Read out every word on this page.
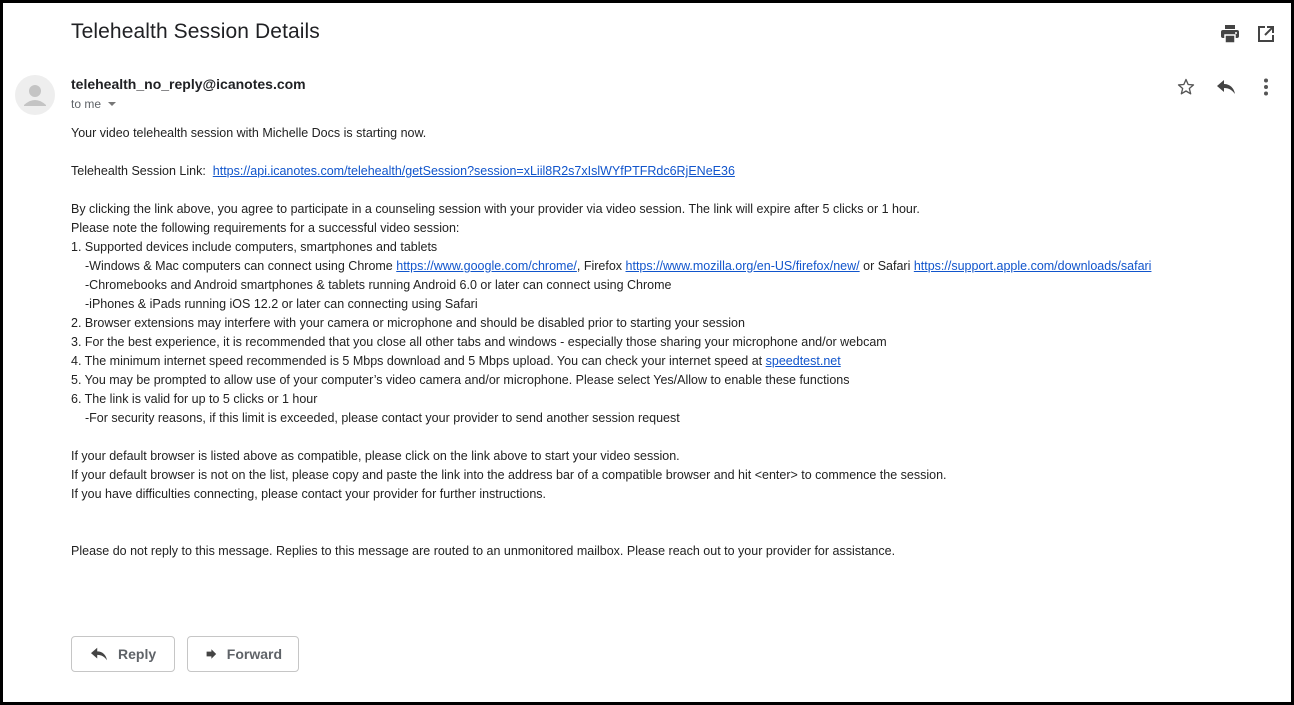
Telehealth Session Details
telehealth_no_reply@icanotes.com
to me
Your video telehealth session with Michelle Docs is starting now.
Telehealth Session Link: https://api.icanotes.com/telehealth/getSession?session=xLiil8R2s7xIslWYfPTFRdc6RjENeE36
By clicking the link above, you agree to participate in a counseling session with your provider via video session. The link will expire after 5 clicks or 1 hour.
Please note the following requirements for a successful video session:
1. Supported devices include computers, smartphones and tablets
-Windows & Mac computers can connect using Chrome https://www.google.com/chrome/, Firefox https://www.mozilla.org/en-US/firefox/new/ or Safari https://support.apple.com/downloads/safari
-Chromebooks and Android smartphones & tablets running Android 6.0 or later can connect using Chrome
-iPhones & iPads running iOS 12.2 or later can connecting using Safari
2. Browser extensions may interfere with your camera or microphone and should be disabled prior to starting your session
3. For the best experience, it is recommended that you close all other tabs and windows - especially those sharing your microphone and/or webcam
4. The minimum internet speed recommended is 5 Mbps download and 5 Mbps upload. You can check your internet speed at speedtest.net
5. You may be prompted to allow use of your computer’s video camera and/or microphone. Please select Yes/Allow to enable these functions
6. The link is valid for up to 5 clicks or 1 hour
-For security reasons, if this limit is exceeded, please contact your provider to send another session request
If your default browser is listed above as compatible, please click on the link above to start your video session.
If your default browser is not on the list, please copy and paste the link into the address bar of a compatible browser and hit <enter> to commence the session.
If you have difficulties connecting, please contact your provider for further instructions.
Please do not reply to this message. Replies to this message are routed to an unmonitored mailbox. Please reach out to your provider for assistance.
Reply	Forward
